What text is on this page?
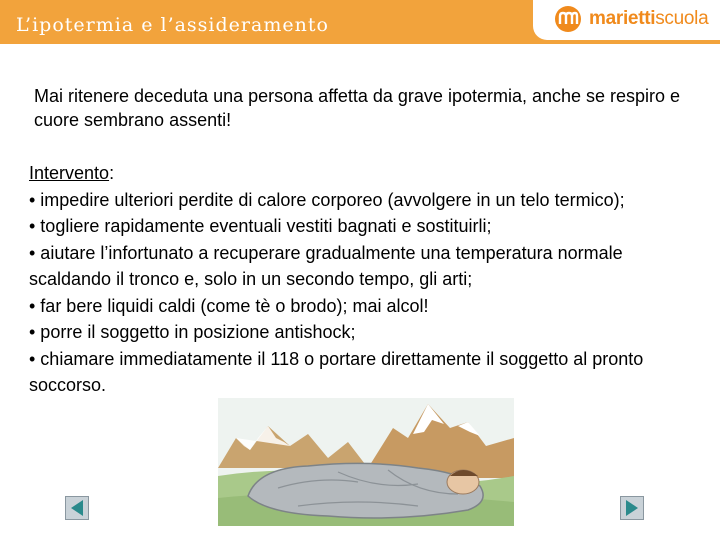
L’ipotermia e l’assideramento	mariettiscuola
Mai ritenere deceduta una persona affetta da grave ipotermia, anche se respiro e cuore sembrano assenti!
Intervento:
• impedire ulteriori perdite di calore corporeo (avvolgere in un telo termico);
• togliere rapidamente eventuali vestiti bagnati e sostituirli;
• aiutare l’infortunato a recuperare gradualmente una temperatura normale scaldando il tronco e, solo in un secondo tempo, gli arti;
• far bere liquidi caldi (come tè o brodo); mai alcol!
• porre il soggetto in posizione antishock;
• chiamare immediatamente il 118 o portare direttamente il soggetto al pronto soccorso.
